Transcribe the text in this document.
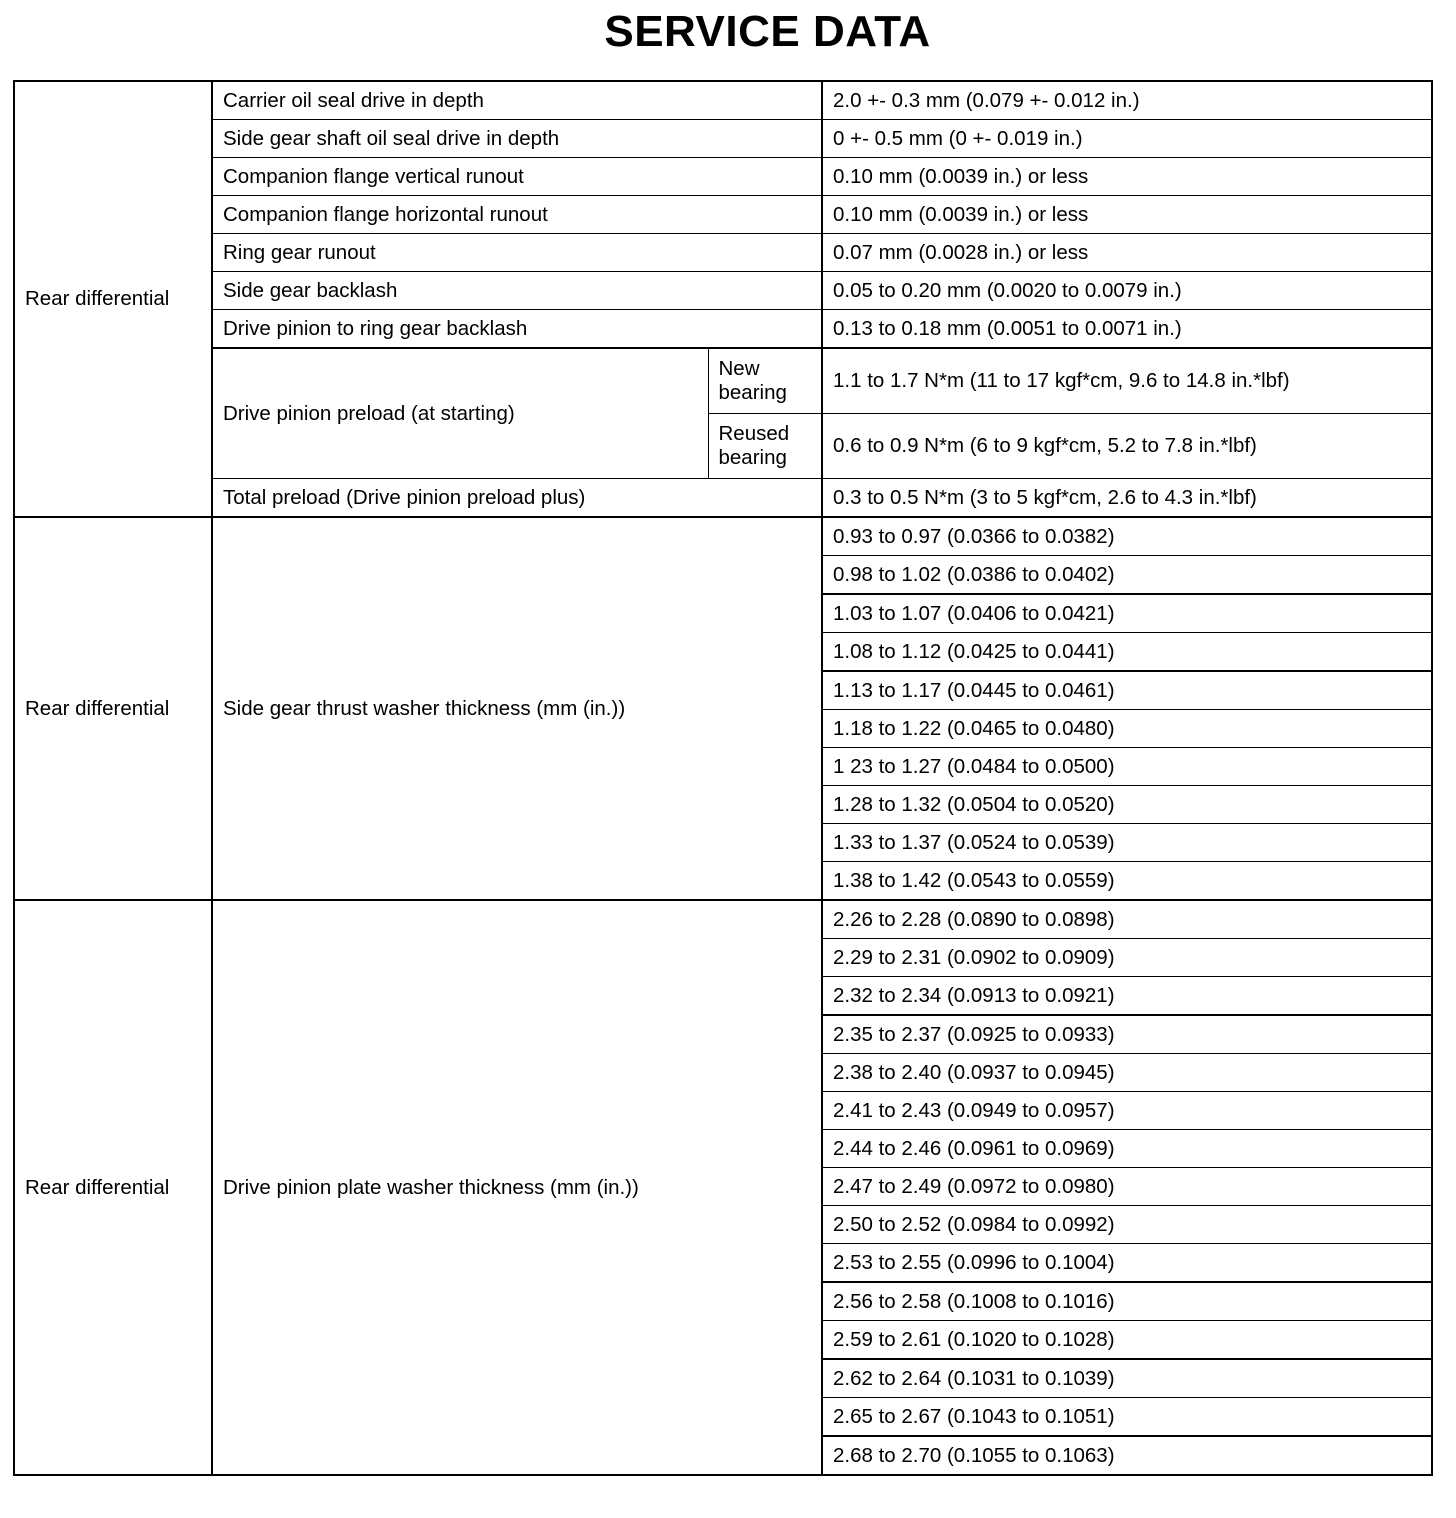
SERVICE DATA
Rear differential	Carrier oil seal drive in depth		2.0 +- 0.3 mm (0.079 +- 0.012 in.)
	Side gear shaft oil seal drive in depth		0 +- 0.5 mm (0 +- 0.019 in.)
	Companion flange vertical runout		0.10 mm (0.0039 in.) or less
	Companion flange horizontal runout		0.10 mm (0.0039 in.) or less
	Ring gear runout		0.07 mm (0.0028 in.) or less
	Side gear backlash		0.05 to 0.20 mm (0.0020 to 0.0079 in.)
	Drive pinion to ring gear backlash		0.13 to 0.18 mm (0.0051 to 0.0071 in.)
	Drive pinion preload (at starting)	New bearing	1.1 to 1.7 N*m (11 to 17 kgf*cm, 9.6 to 14.8 in.*lbf)
		Reused bearing	0.6 to 0.9 N*m (6 to 9 kgf*cm, 5.2 to 7.8 in.*lbf)
	Total preload (Drive pinion preload plus)		0.3 to 0.5 N*m (3 to 5 kgf*cm, 2.6 to 4.3 in.*lbf)
Rear differential	Side gear thrust washer thickness (mm (in.))		0.93 to 0.97 (0.0366 to 0.0382)
			0.98 to 1.02 (0.0386 to 0.0402)
			1.03 to 1.07 (0.0406 to 0.0421)
			1.08 to 1.12 (0.0425 to 0.0441)
			1.13 to 1.17 (0.0445 to 0.0461)
			1.18 to 1.22 (0.0465 to 0.0480)
			1 23 to 1.27 (0.0484 to 0.0500)
			1.28 to 1.32 (0.0504 to 0.0520)
			1.33 to 1.37 (0.0524 to 0.0539)
			1.38 to 1.42 (0.0543 to 0.0559)
Rear differential	Drive pinion plate washer thickness (mm (in.))		2.26 to 2.28 (0.0890 to 0.0898)
			2.29 to 2.31 (0.0902 to 0.0909)
			2.32 to 2.34 (0.0913 to 0.0921)
			2.35 to 2.37 (0.0925 to 0.0933)
			2.38 to 2.40 (0.0937 to 0.0945)
			2.41 to 2.43 (0.0949 to 0.0957)
			2.44 to 2.46 (0.0961 to 0.0969)
			2.47 to 2.49 (0.0972 to 0.0980)
			2.50 to 2.52 (0.0984 to 0.0992)
			2.53 to 2.55 (0.0996 to 0.1004)
			2.56 to 2.58 (0.1008 to 0.1016)
			2.59 to 2.61 (0.1020 to 0.1028)
			2.62 to 2.64 (0.1031 to 0.1039)
			2.65 to 2.67 (0.1043 to 0.1051)
			2.68 to 2.70 (0.1055 to 0.1063)
